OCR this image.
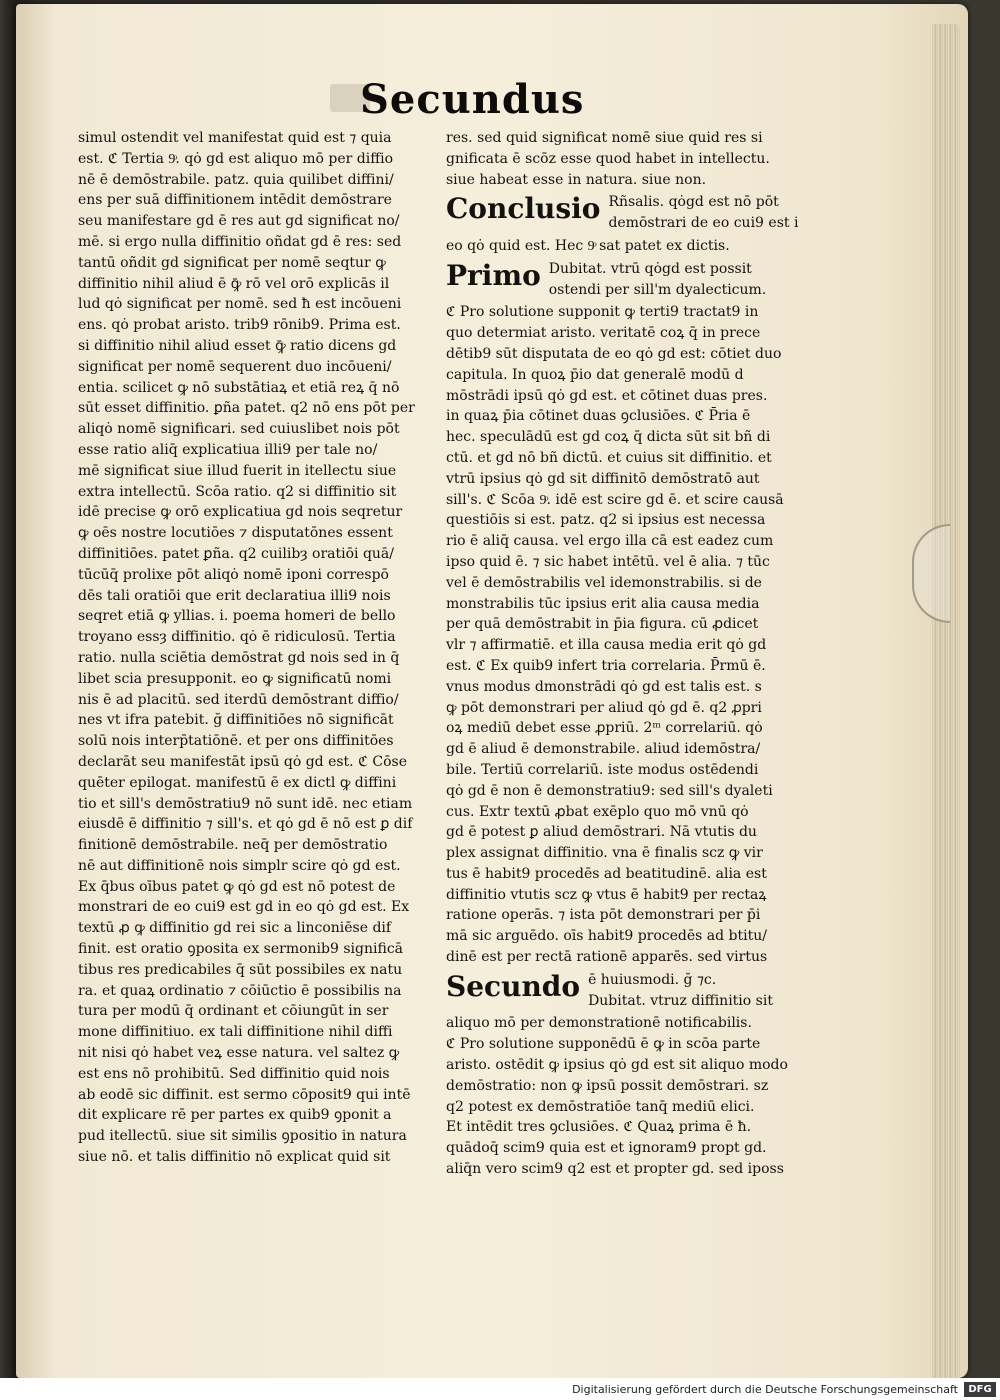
Secundus
simul ostendit vel manifestat quid est ⁊ quia
est. ℭ Tertia 9ͦ. qȯ gd est aliquo mō per diffio
nē ē demōstrabile. patz. quia quilibet diffini/
ens per suā diffinitionem intēdit demōstrare
seu manifestare gd ē res aut gd significat no/
mē. si ergo nulla diffinitio oñdat gd ē res: sed
tantū oñdit gd significat per nomē seqtur ꝙ
diffinitio nihil aliud ē ꝙ̄ rō vel orō explicās il
lud qȯ significat per nomē. sed ħ est incōueni
ens. qȯ probat aristo. trib9 rōnib9. Prima est.
si diffinitio nihil aliud esset ꝙ̄ ratio dicens gd
significat per nomē sequerent duo incōueni/
entia. scilicet ꝙ nō substātiaꝝ et etiā reꝝ q̄ nō
sūt esset diffinitio. ꝑña patet. q2 nō ens pōt per
aliqȯ nomē significari. sed cuiuslibet nois pōt
esse ratio aliq̄ explicatiua illi9 per tale no/
mē significat siue illud fuerit in itellectu siue
extra intellectū. Scōa ratio. q2 si diffinitio sit
idē precise ꝙ orō explicatiua gd nois seqretur
ꝙ oēs nostre locutiōes ⁊ disputatōnes essent
diffinitiōes. patet ꝑña. q2 cuilibȝ oratiōi quā/
tūcūq̄ prolixe pōt aliqȯ nomē iponi correspō
dēs tali oratiōi que erit declaratiua illi9 nois
seqret etiā ꝙ yllias. i. poema homeri de bello
troyano essȝ diffinitio. qȯ ē ridiculosū. Tertia
ratio. nulla sciētia demōstrat gd nois sed in q̄
libet scia presupponit. eo ꝙ significatū nomi
nis ē ad placitū. sed iterdū demōstrant diffio/
nes vt ifra patebit. ğ diffinitiōes nō significāt
solū nois interp̄tatiōnē. et per ons diffinitōes
declarāt seu manifestāt ipsū qȯ gd est. ℭ Cōse
quēter epilogat. manifestū ē ex dictl ꝙ diffini
tio et sill's demōstratiu9 nō sunt idē. nec etiam
eiusdē ē diffinitio ⁊ sill's. et qȯ gd ē nō est ꝑ dif
finitionē demōstrabile. neq̄ per demōstratio
nē aut diffinitionē nois simplr scire qȯ gd est.
Ex q̄bus oībus patet ꝙ qȯ gd est nō potest de
monstrari de eo cui9 est gd in eo qȯ gd est. Ex
textū ꝓ ꝙ diffinitio gd rei sic a linconiēse dif
finit. est oratio ꝯposita ex sermonib9 significā
tibus res predicabiles q̄ sūt possibiles ex natu
ra. et quaꝝ ordinatio ⁊ cōiūctio ē possibilis na
tura per modū q̄ ordinant et cōiungūt in ser
mone diffinitiuo. ex tali diffinitione nihil diffi
nit nisi qȯ habet veꝝ esse natura. vel saltez ꝙ
est ens nō prohibitū. Sed diffinitio quid nois
ab eodē sic diffinit. est sermo cōposit9 qui intē
dit explicare rē per partes ex quib9 ꝯponit a
pud itellectū. siue sit similis ꝯpositio in natura
siue nō. et talis diffinitio nō explicat quid sit
res. sed quid significat nomē siue quid res si
gnificata ē scōz esse quod habet in intellectu.
siue habeat esse in natura. siue non.
Conclusio Rñsalis. qȯgd est nō pōt
demōstrari de eo cui9 est i
eo qȯ quid est. Hec 9ͦ sat patet ex dictis.
Primo Dubitat. vtrū qȯgd est possit
ostendi per sill'm dyalecticum.
ℭ Pro solutione supponit ꝙ terti9 tractat9 in
quo determiat aristo. veritatē coꝝ q̄ in prece
dētib9 sūt disputata de eo qȯ gd est: cōtiet duo
capitula. In quoꝝ p̄io dat generalē modū d
mōstrādi ipsū qȯ gd est. et cōtinet duas pres.
in quaꝝ p̄ia cōtinet duas ꝯclusiōes. ℭ P̄ria ē
hec. speculādū est gd coꝝ q̄ dicta sūt sit bñ di
ctū. et gd nō bñ dictū. et cuius sit diffinitio. et
vtrū ipsius qȯ gd sit diffinitō demōstratō aut
sill's. ℭ Scōa 9ͦ. idē est scire gd ē. et scire causā
questiōis si est. patz. q2 si ipsius est necessa
rio ē aliq̄ causa. vel ergo illa cā est eadez cum
ipso quid ē. ⁊ sic habet intētū. vel ē alia. ⁊ tūc
vel ē demōstrabilis vel idemonstrabilis. si de
monstrabilis tūc ipsius erit alia causa media
per quā demōstrabit in p̄ia figura. cū ꝓdicet
vlr ⁊ affirmatiē. et illa causa media erit qȯ gd
est. ℭ Ex quib9 infert tria correlaria. P̄rmū ē.
vnus modus dmonstrādi qȯ gd est talis est. s
ꝙ pōt demonstrari per aliud qȯ gd ē. q2 ꝓpri
oꝝ mediū debet esse ꝓpriū. 2ᵐ correlariū. qȯ
gd ē aliud ē demonstrabile. aliud idemōstra/
bile. Tertiū correlariū. iste modus ostēdendi
qȯ gd ē non ē demonstratiu9: sed sill's dyaleti
cus. Extr textū ꝓbat exēplo quo mō vnū qȯ
gd ē potest ꝑ aliud demōstrari. Nā vtutis du
plex assignat diffinitio. vna ē finalis scz ꝙ vir
tus ē habit9 procedēs ad beatitudinē. alia est
diffinitio vtutis scz ꝙ vtus ē habit9 per rectaꝝ
ratione operās. ⁊ ista pōt demonstrari per p̄i
mā sic arguēdo. oīs habit9 procedēs ad btitu/
dinē est per rectā rationē apparēs. sed virtus
Secundo ē huiusmodi. ğ ⁊c.
Dubitat. vtruz diffinitio sit
aliquo mō per demonstrationē notificabilis.
ℭ Pro solutione supponēdū ē ꝙ in scōa parte
aristo. ostēdit ꝙ ipsius qȯ gd est sit aliquo modo
demōstratio: non ꝙ ipsū possit demōstrari. sz
q2 potest ex demōstratiōe tanq̄ mediū elici.
Et intēdit tres ꝯclusiōes. ℭ Quaꝝ prima ē ħ.
quādoq̄ scim9 quia est et ignoram9 propt gd.
aliq̄n vero scim9 q2 est et propter gd. sed iposs
Digitalisierung gefördert durch die Deutsche Forschungsgemeinschaft	DFG
